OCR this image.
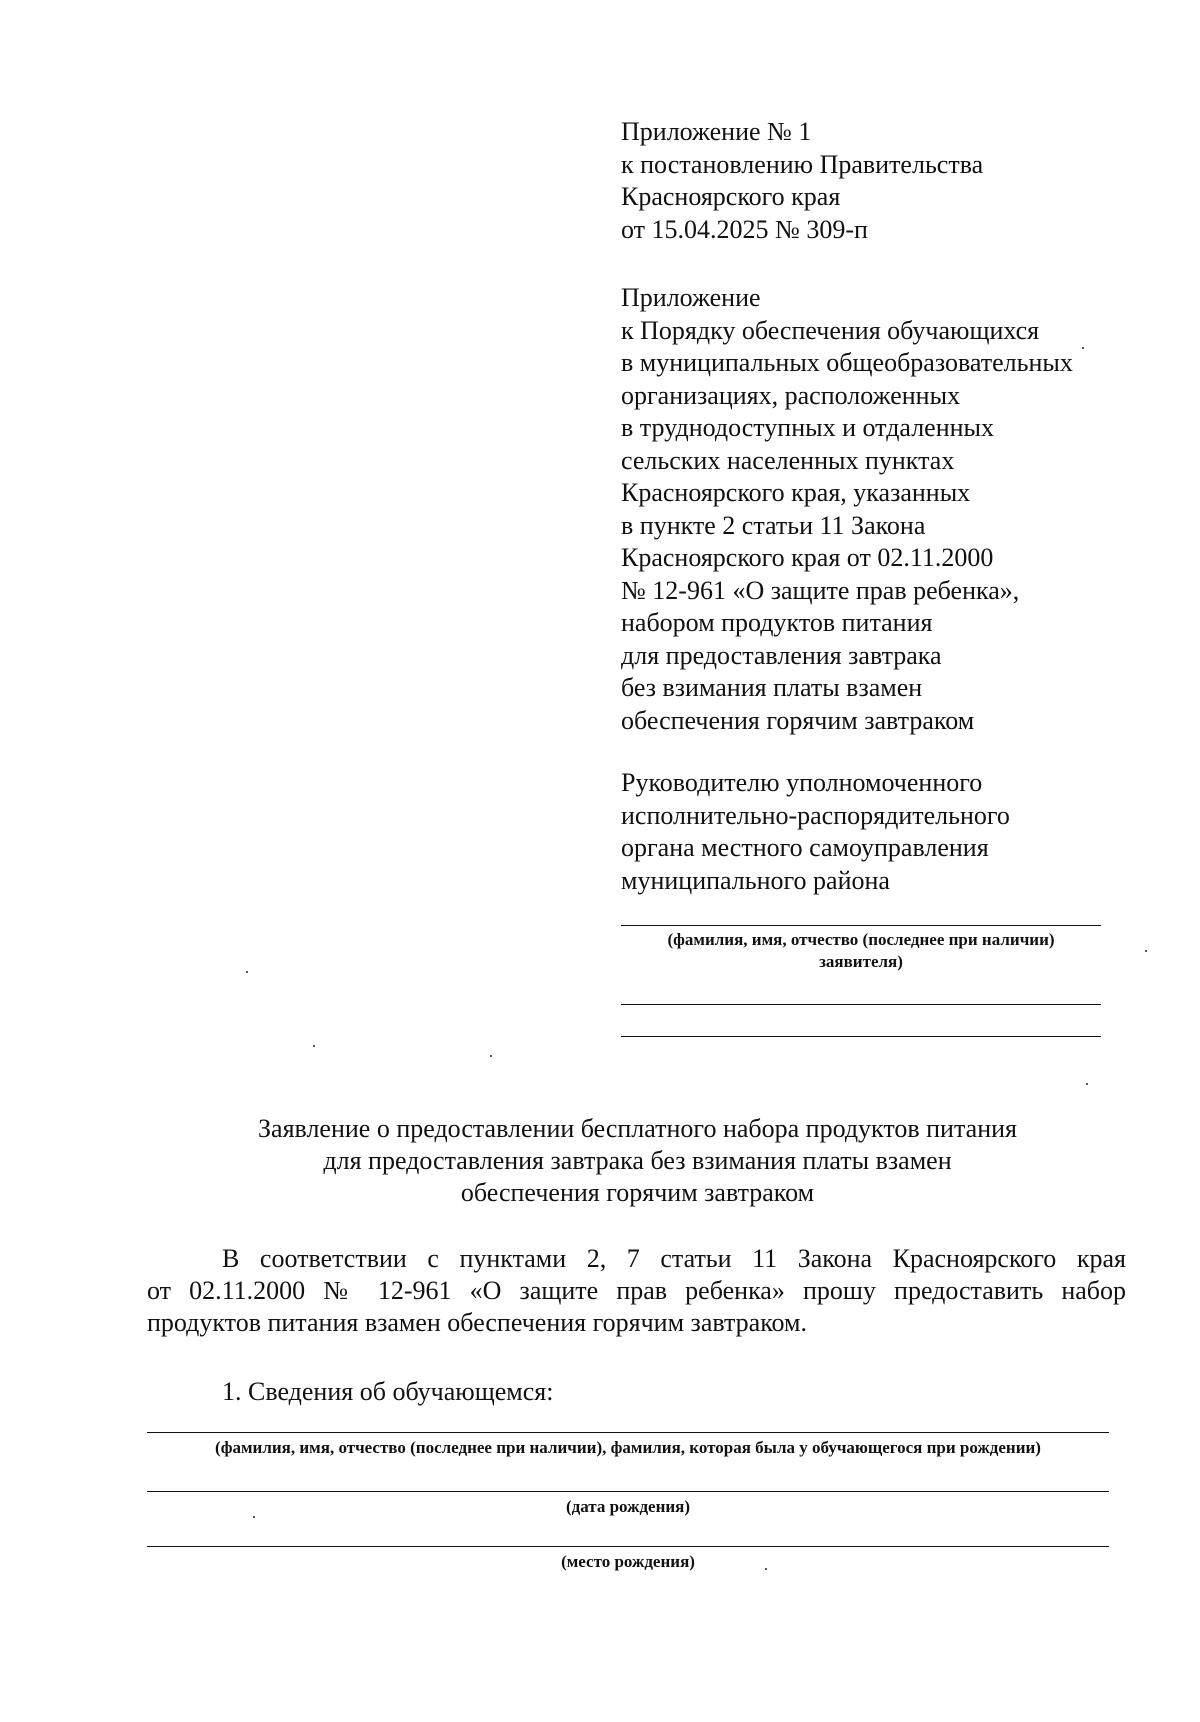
Приложение № 1
к постановлению Правительства
Красноярского края
от 15.04.2025 № 309-п
Приложение
к Порядку обеспечения обучающихся
в муниципальных общеобразовательных
организациях, расположенных
в труднодоступных и отдаленных
сельских населенных пунктах
Красноярского края, указанных
в пункте 2 статьи 11 Закона
Красноярского края от 02.11.2000
№ 12-961 «О защите прав ребенка»,
набором продуктов питания
для предоставления завтрака
без взимания платы взамен
обеспечения горячим завтраком
Руководителю уполномоченного
исполнительно-распорядительного
органа местного самоуправления
муниципального района
(фамилия, имя, отчество (последнее при наличии)
заявителя)
Заявление о предоставлении бесплатного набора продуктов питания
для предоставления завтрака без взимания платы взамен
обеспечения горячим завтраком
В соответствии с пунктами 2, 7 статьи 11 Закона Красноярского края
от 02.11.2000 № 12-961 «О защите прав ребенка» прошу предоставить набор
продуктов питания взамен обеспечения горячим завтраком.
1. Сведения об обучающемся:
(фамилия, имя, отчество (последнее при наличии), фамилия, которая была у обучающегося при рождении)
(дата рождения)
(место рождения)
